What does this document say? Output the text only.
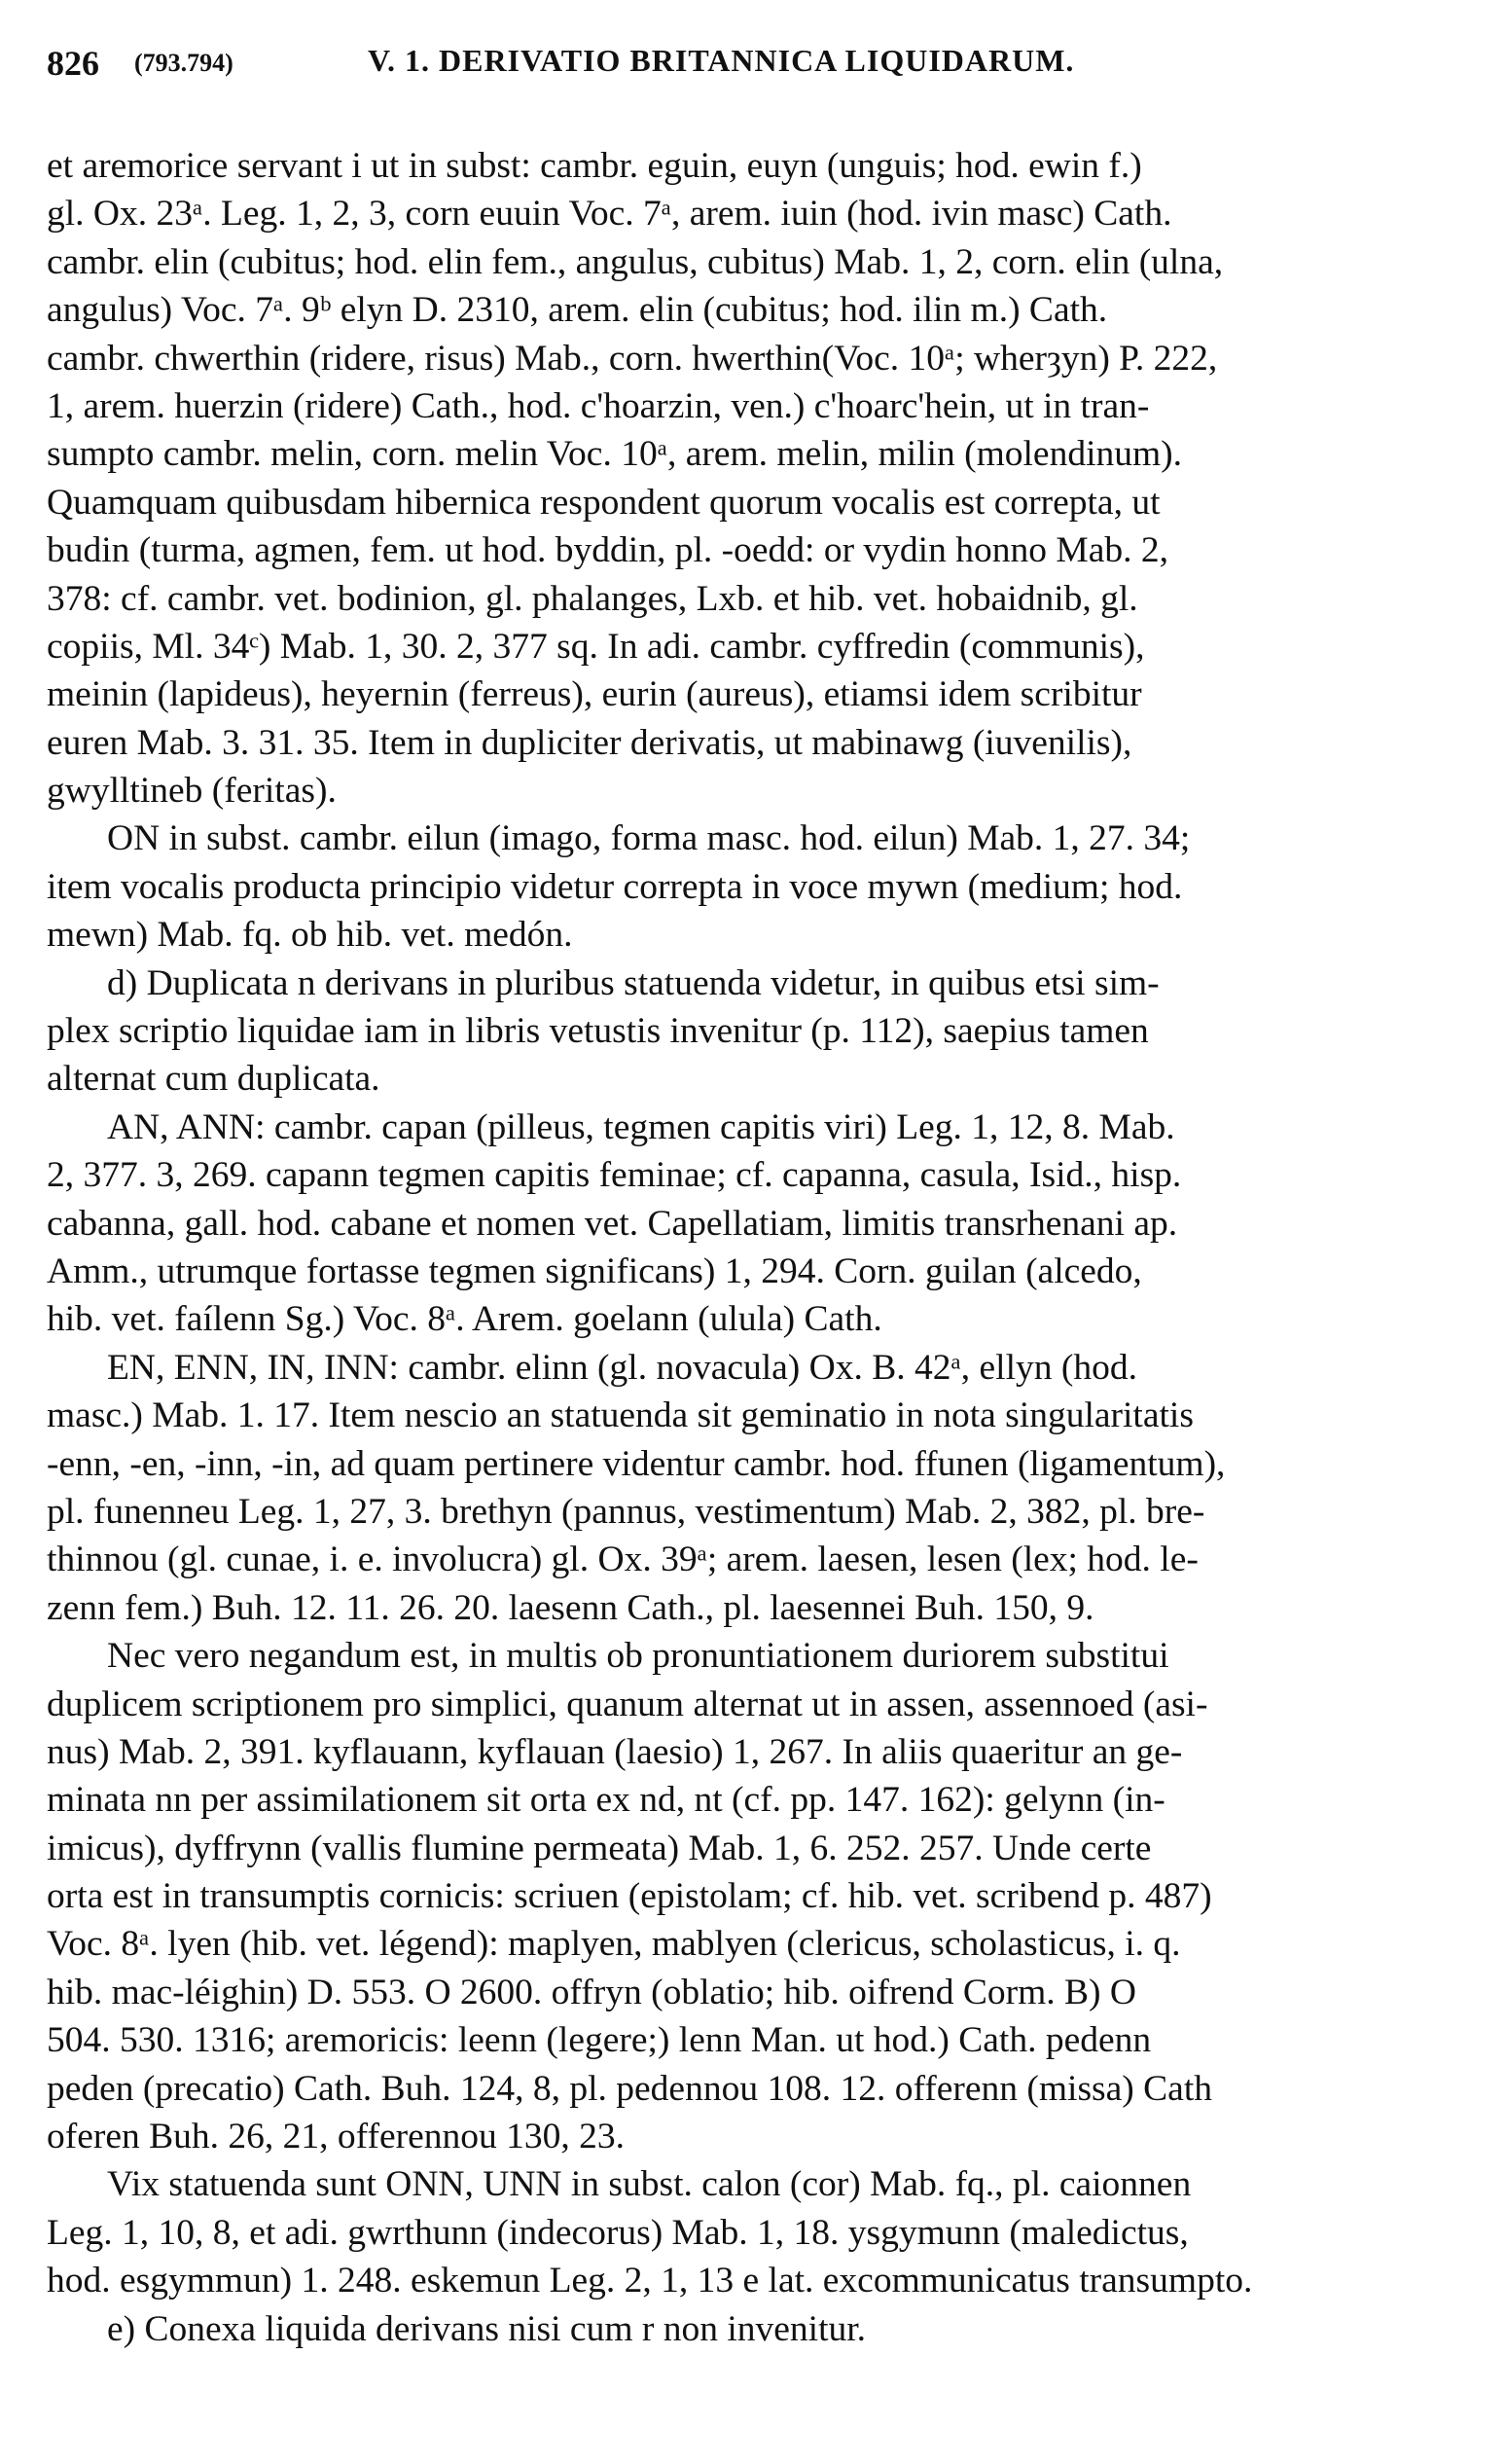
826 (793.794)	V. 1. DERIVATIO BRITANNICA LIQUIDARUM.
et aremorice servant i ut in subst: cambr. eguin, euyn (unguis; hod. ewin f.)
gl. Ox. 23ᵃ. Leg. 1, 2, 3, corn euuin Voc. 7ᵃ, arem. iuin (hod. ivin masc) Cath.
cambr. elin (cubitus; hod. elin fem., angulus, cubitus) Mab. 1, 2, corn. elin (ulna,
angulus) Voc. 7ᵃ. 9ᵇ elyn D. 2310, arem. elin (cubitus; hod. ilin m.) Cath.
cambr. chwerthin (ridere, risus) Mab., corn. hwerthin(Voc. 10ᵃ; wherȝyn) P. 222,
1, arem. huerzin (ridere) Cath., hod. c'hoarzin, ven.) c'hoarc'hein, ut in tran-
sumpto cambr. melin, corn. melin Voc. 10ᵃ, arem. melin, milin (molendinum).
Quamquam quibusdam hibernica respondent quorum vocalis est correpta, ut
budin (turma, agmen, fem. ut hod. byddin, pl. -oedd: or vydin honno Mab. 2,
378: cf. cambr. vet. bodinion, gl. phalanges, Lxb. et hib. vet. hobaidnib, gl.
copiis, Ml. 34ᶜ) Mab. 1, 30. 2, 377 sq. In adi. cambr. cyffredin (communis),
meinin (lapideus), heyernin (ferreus), eurin (aureus), etiamsi idem scribitur
euren Mab. 3. 31. 35. Item in dupliciter derivatis, ut mabinawg (iuvenilis),
gwylltineb (feritas).
ON in subst. cambr. eilun (imago, forma masc. hod. eilun) Mab. 1, 27. 34;
item vocalis producta principio videtur correpta in voce mywn (medium; hod.
mewn) Mab. fq. ob hib. vet. medón.
d) Duplicata n derivans in pluribus statuenda videtur, in quibus etsi sim-
plex scriptio liquidae iam in libris vetustis invenitur (p. 112), saepius tamen
alternat cum duplicata.
AN, ANN: cambr. capan (pilleus, tegmen capitis viri) Leg. 1, 12, 8. Mab.
2, 377. 3, 269. capann tegmen capitis feminae; cf. capanna, casula, Isid., hisp.
cabanna, gall. hod. cabane et nomen vet. Capellatiam, limitis transrhenani ap.
Amm., utrumque fortasse tegmen significans) 1, 294. Corn. guilan (alcedo,
hib. vet. faílenn Sg.) Voc. 8ᵃ. Arem. goelann (ulula) Cath.
EN, ENN, IN, INN: cambr. elinn (gl. novacula) Ox. B. 42ᵃ, ellyn (hod.
masc.) Mab. 1. 17. Item nescio an statuenda sit geminatio in nota singularitatis
-enn, -en, -inn, -in, ad quam pertinere videntur cambr. hod. ffunen (ligamentum),
pl. funenneu Leg. 1, 27, 3. brethyn (pannus, vestimentum) Mab. 2, 382, pl. bre-
thinnou (gl. cunae, i. e. involucra) gl. Ox. 39ᵃ; arem. laesen, lesen (lex; hod. le-
zenn fem.) Buh. 12. 11. 26. 20. laesenn Cath., pl. laesennei Buh. 150, 9.
Nec vero negandum est, in multis ob pronuntiationem duriorem substitui
duplicem scriptionem pro simplici, quanum alternat ut in assen, assennoed (asi-
nus) Mab. 2, 391. kyflauann, kyflauan (laesio) 1, 267. In aliis quaeritur an ge-
minata nn per assimilationem sit orta ex nd, nt (cf. pp. 147. 162): gelynn (in-
imicus), dyffrynn (vallis flumine permeata) Mab. 1, 6. 252. 257. Unde certe
orta est in transumptis cornicis: scriuen (epistolam; cf. hib. vet. scribend p. 487)
Voc. 8ᵃ. lyen (hib. vet. légend): maplyen, mablyen (clericus, scholasticus, i. q.
hib. mac-léighin) D. 553. O 2600. offryn (oblatio; hib. oifrend Corm. B) O
504. 530. 1316; aremoricis: leenn (legere;) lenn Man. ut hod.) Cath. pedenn
peden (precatio) Cath. Buh. 124, 8, pl. pedennou 108. 12. offerenn (missa) Cath
oferen Buh. 26, 21, offerennou 130, 23.
Vix statuenda sunt ONN, UNN in subst. calon (cor) Mab. fq., pl. caionnen
Leg. 1, 10, 8, et adi. gwrthunn (indecorus) Mab. 1, 18. ysgymunn (maledictus,
hod. esgymmun) 1. 248. eskemun Leg. 2, 1, 13 e lat. excommunicatus transumpto.
e) Conexa liquida derivans nisi cum r non invenitur.
